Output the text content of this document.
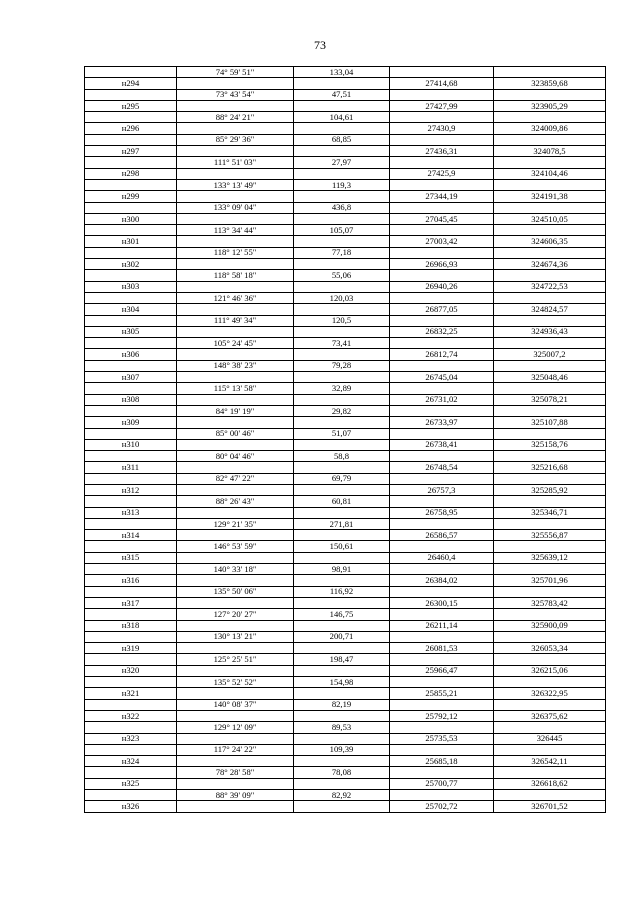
73
	74° 59' 51"	133,04		
н294			27414,68	323859,68
	73° 43' 54"	47,51		
н295			27427,99	323905,29
	88° 24' 21"	104,61		
н296			27430,9	324009,86
	85° 29' 36"	68,85		
н297			27436,31	324078,5
	111° 51' 03"	27,97		
н298			27425,9	324104,46
	133° 13' 49"	119,3		
н299			27344,19	324191,38
	133° 09' 04"	436,8		
н300			27045,45	324510,05
	113° 34' 44"	105,07		
н301			27003,42	324606,35
	118° 12' 55"	77,18		
н302			26966,93	324674,36
	118° 58' 18"	55,06		
н303			26940,26	324722,53
	121° 46' 36"	120,03		
н304			26877,05	324824,57
	111° 49' 34"	120,5		
н305			26832,25	324936,43
	105° 24' 45"	73,41		
н306			26812,74	325007,2
	148° 38' 23"	79,28		
н307			26745,04	325048,46
	115° 13' 58"	32,89		
н308			26731,02	325078,21
	84° 19' 19"	29,82		
н309			26733,97	325107,88
	85° 00' 46"	51,07		
н310			26738,41	325158,76
	80° 04' 46"	58,8		
н311			26748,54	325216,68
	82° 47' 22"	69,79		
н312			26757,3	325285,92
	88° 26' 43"	60,81		
н313			26758,95	325346,71
	129° 21' 35"	271,81		
н314			26586,57	325556,87
	146° 53' 59"	150,61		
н315			26460,4	325639,12
	140° 33' 18"	98,91		
н316			26384,02	325701,96
	135° 50' 06"	116,92		
н317			26300,15	325783,42
	127° 20' 27"	146,75		
н318			26211,14	325900,09
	130° 13' 21"	200,71		
н319			26081,53	326053,34
	125° 25' 51"	198,47		
н320			25966,47	326215,06
	135° 52' 52"	154,98		
н321			25855,21	326322,95
	140° 08' 37"	82,19		
н322			25792,12	326375,62
	129° 12' 09"	89,53		
н323			25735,53	326445
	117° 24' 22"	109,39		
н324			25685,18	326542,11
	78° 28' 58"	78,08		
н325			25700,77	326618,62
	88° 39' 09"	82,92		
н326			25702,72	326701,52
